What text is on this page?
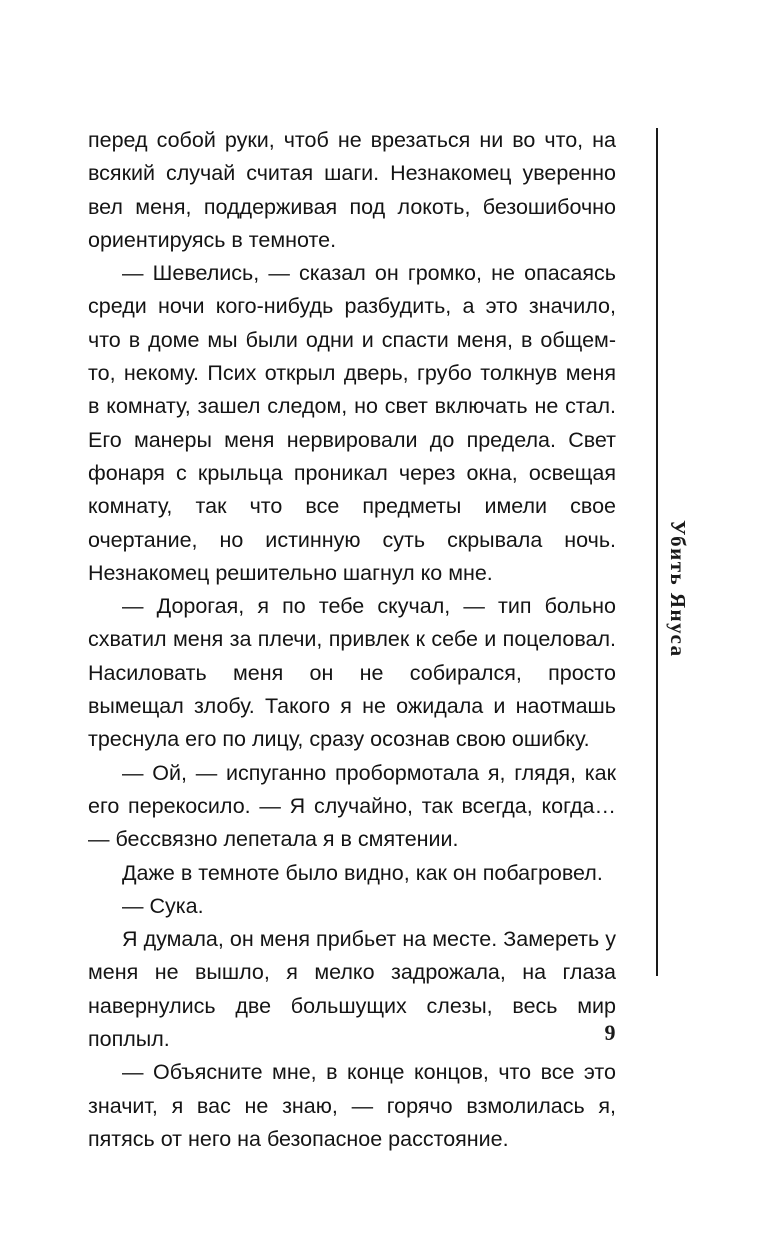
перед собой руки, чтоб не врезаться ни во что, на всякий случай считая шаги. Незнакомец уверенно вел меня, поддерживая под локоть, безошибочно ориентируясь в темноте.

— Шевелись, — сказал он громко, не опасаясь среди ночи кого-нибудь разбудить, а это значило, что в доме мы были одни и спасти меня, в общем-то, некому. Псих открыл дверь, грубо толкнув меня в комнату, зашел следом, но свет включать не стал. Его манеры меня нервировали до предела. Свет фонаря с крыльца проникал через окна, освещая комнату, так что все предметы имели свое очертание, но истинную суть скрывала ночь. Незнакомец решительно шагнул ко мне.

— Дорогая, я по тебе скучал, — тип больно схватил меня за плечи, привлек к себе и поцеловал. Насиловать меня он не собирался, просто вымещал злобу. Такого я не ожидала и наотмашь треснула его по лицу, сразу осознав свою ошибку.

— Ой, — испуганно пробормотала я, глядя, как его перекосило. — Я случайно, так всегда, когда… — бессвязно лепетала я в смятении.

Даже в темноте было видно, как он побагровел.

— Сука.

Я думала, он меня прибьет на месте. Замереть у меня не вышло, я мелко задрожала, на глаза навернулись две большущих слезы, весь мир поплыл.

— Объясните мне, в конце концов, что все это значит, я вас не знаю, — горячо взмолилась я, пятясь от него на безопасное расстояние.

Убить Януса
9
